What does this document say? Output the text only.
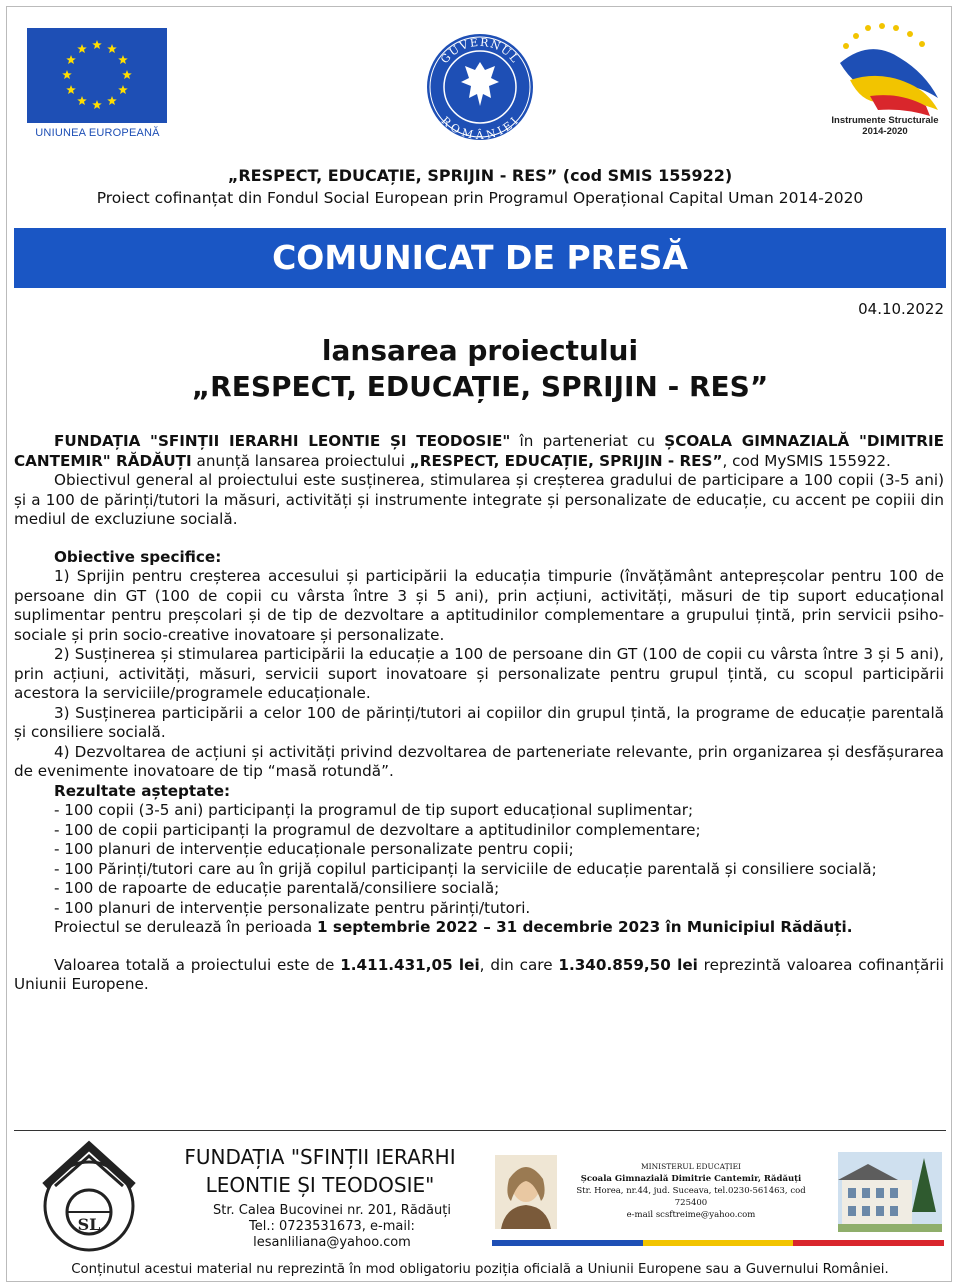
UNIUNEA EUROPEANĂ
GUVERNUL
ROMÂNIEI	Instrumente Structurale
2014-2020
„RESPECT, EDUCAȚIE, SPRIJIN - RES” (cod SMIS 155922)
Proiect cofinanțat din Fondul Social European prin Programul Operațional Capital Uman 2014-2020
COMUNICAT DE PRESĂ
04.10.2022
lansarea proiectului
„RESPECT, EDUCAȚIE, SPRIJIN - RES”

FUNDAȚIA "SFINȚII IERARHI LEONTIE ȘI TEODOSIE" în parteneriat cu ȘCOALA GIMNAZIALĂ "DIMITRIE CANTEMIR" RĂDĂUȚI anunță lansarea proiectului „RESPECT, EDUCAȚIE, SPRIJIN - RES”, cod MySMIS 155922.

Obiectivul general al proiectului este susținerea, stimularea și creșterea gradului de participare a 100 copii (3-5 ani) și a 100 de părinți/tutori la măsuri, activități și instrumente integrate și personalizate de educație, cu accent pe copiii din mediul de excluziune socială.

Obiective specifice:

1) Sprijin pentru creșterea accesului și participării la educația timpurie (învățământ antepreșcolar pentru 100 de persoane din GT (100 de copii cu vârsta între 3 și 5 ani), prin acțiuni, activități, măsuri de tip suport educațional suplimentar pentru preșcolari și de tip de dezvoltare a aptitudinilor complementare a grupului țintă, prin servicii psiho-sociale și prin socio-creative inovatoare și personalizate.

2) Susținerea și stimularea participării la educație a 100 de persoane din GT (100 de copii cu vârsta între 3 și 5 ani), prin acțiuni, activități, măsuri, servicii suport inovatoare și personalizate pentru grupul țintă, cu scopul participării acestora la serviciile/programele educaționale.

3) Susținerea participării a celor 100 de părinți/tutori ai copiilor din grupul țintă, la programe de educație parentală și consiliere socială.

4) Dezvoltarea de acțiuni și activități privind dezvoltarea de parteneriate relevante, prin organizarea și desfășurarea de evenimente inovatoare de tip “masă rotundă”.

Rezultate așteptate:

- 100 copii (3-5 ani) participanți la programul de tip suport educațional suplimentar;

- 100 de copii participanți la programul de dezvoltare a aptitudinilor complementare;

- 100 planuri de intervenție educaționale personalizate pentru copii;

- 100 Părinți/tutori care au în grijă copilul participanți la serviciile de educație parentală și consiliere socială;

- 100 de rapoarte de educație parentală/consiliere socială;

- 100 planuri de intervenție personalizate pentru părinți/tutori.

Proiectul se derulează în perioada 1 septembrie 2022 – 31 decembrie 2023 în Municipiul Rădăuți.

Valoarea totală a proiectului este de 1.411.431,05 lei, din care 1.340.859,50 lei reprezintă valoarea cofinanțării Uniunii Europene.

SL
FUNDAȚIA "SFINȚII IERARHI
LEONTIE ȘI TEODOSIE"
Str. Calea Bucovinei nr. 201, Rădăuți
Tel.: 0723531673, e-mail: lesanliliana@yahoo.com
MINISTERUL EDUCAȚIEI
Școala Gimnazială Dimitrie Cantemir, Rădăuți
Str. Horea, nr.44, jud. Suceava, tel.0230-561463, cod 725400
e-mail scsftreime@yahoo.com
Conținutul acestui material nu reprezintă în mod obligatoriu poziția oficială a Uniunii Europene sau a Guvernului României.
